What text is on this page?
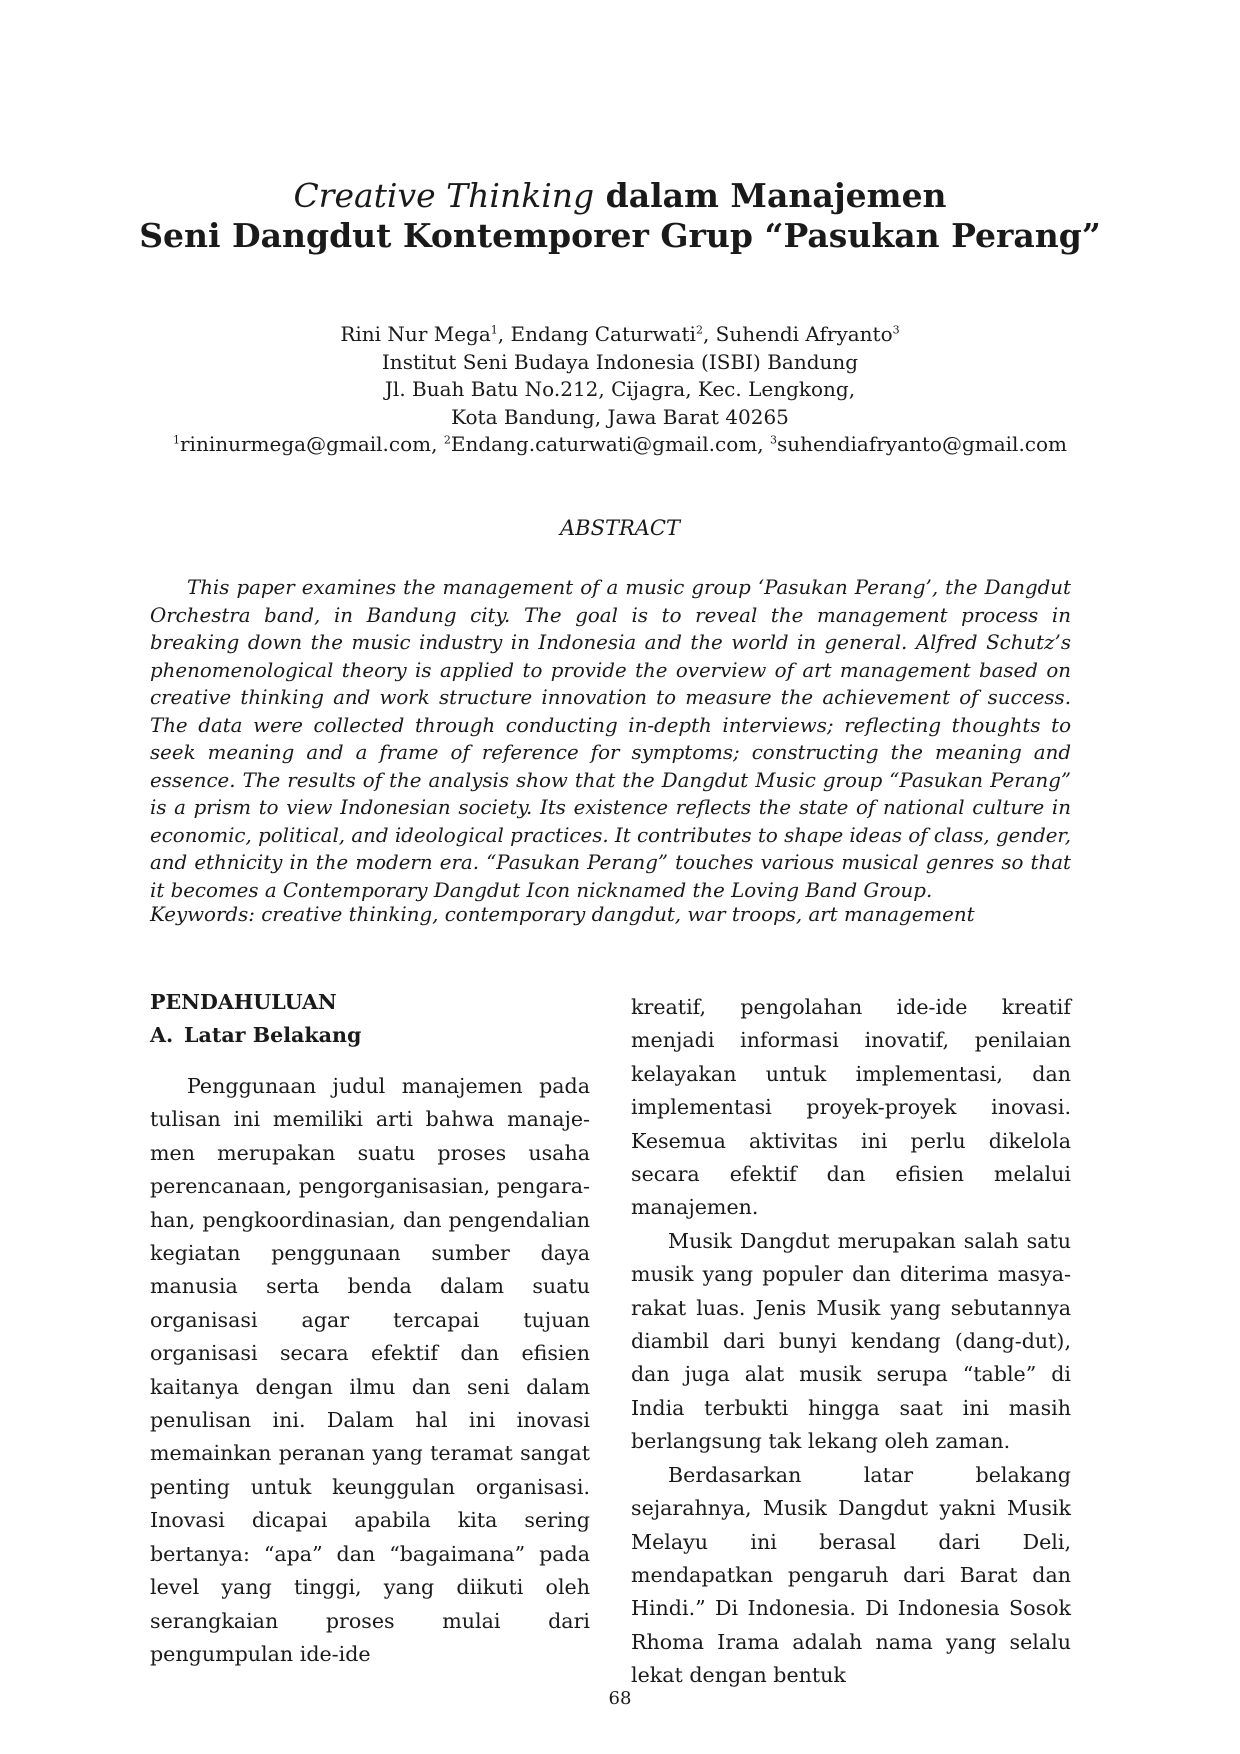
Creative Thinking dalam Manajemen
Seni Dangdut Kontemporer Grup “Pasukan Perang”
Rini Nur Mega$^1$, Endang Caturwati$^2$, Suhendi Afryanto$^3$
Institut Seni Budaya Indonesia (ISBI) Bandung
Jl. Buah Batu No.212, Cijagra, Kec. Lengkong,
Kota Bandung, Jawa Barat 40265
$^1$rininurmega@gmail.com, $^2$Endang.caturwati@gmail.com, $^3$suhendiafryanto@gmail.com
ABSTRACT

This paper examines the management of a music group ‘Pasukan Perang’, the Dangdut Orchestra band, in Bandung city. The goal is to reveal the management process in breaking down the music industry in Indonesia and the world in general. Alfred Schutz’s phenomenological theory is applied to provide the overview of art management based on creative thinking and work structure innovation to measure the achievement of success. The data were collected through conducting in-depth interviews; reflecting thoughts to seek meaning and a frame of reference for symptoms; constructing the meaning and essence. The results of the analysis show that the Dangdut Music group “Pasukan Perang” is a prism to view Indonesian society. Its existence reflects the state of national culture in economic, political, and ideological practices. It contributes to shape ideas of class, gender, and ethnicity in the modern era. “Pasukan Perang” touches various musical genres so that it becomes a Contemporary Dangdut Icon nicknamed the Loving Band Group.

Keywords: creative thinking, contemporary dangdut, war troops, art management
PENDAHULUAN
A. Latar Belakang

Penggunaan judul manajemen pada tulisan ini memiliki arti bahwa manaje-men merupakan suatu proses usaha perencanaan, pengorganisasian, pengara-han, pengkoordinasian, dan pengendalian kegiatan penggunaan sumber daya manusia serta benda dalam suatu organisasi agar tercapai tujuan organisasi secara efektif dan efisien kaitanya dengan ilmu dan seni dalam penulisan ini. Dalam hal ini inovasi memainkan peranan yang teramat sangat penting untuk keunggulan organisasi. Inovasi dicapai apabila kita sering bertanya: “apa” dan “bagaimana” pada level yang tinggi, yang diikuti oleh serangkaian proses mulai dari pengumpulan ide-ide

kreatif, pengolahan ide-ide kreatif menjadi informasi inovatif, penilaian kelayakan untuk implementasi, dan implementasi proyek-proyek inovasi. Kesemua aktivitas ini perlu dikelola secara efektif dan efisien melalui manajemen.

Musik Dangdut merupakan salah satu musik yang populer dan diterima masya-rakat luas. Jenis Musik yang sebutannya diambil dari bunyi kendang (dang-dut), dan juga alat musik serupa “table” di India terbukti hingga saat ini masih berlangsung tak lekang oleh zaman.

Berdasarkan latar belakang sejarahnya, Musik Dangdut yakni Musik Melayu ini berasal dari Deli, mendapatkan pengaruh dari Barat dan Hindi.” Di Indonesia. Di Indonesia Sosok Rhoma Irama adalah nama yang selalu lekat dengan bentuk

68
